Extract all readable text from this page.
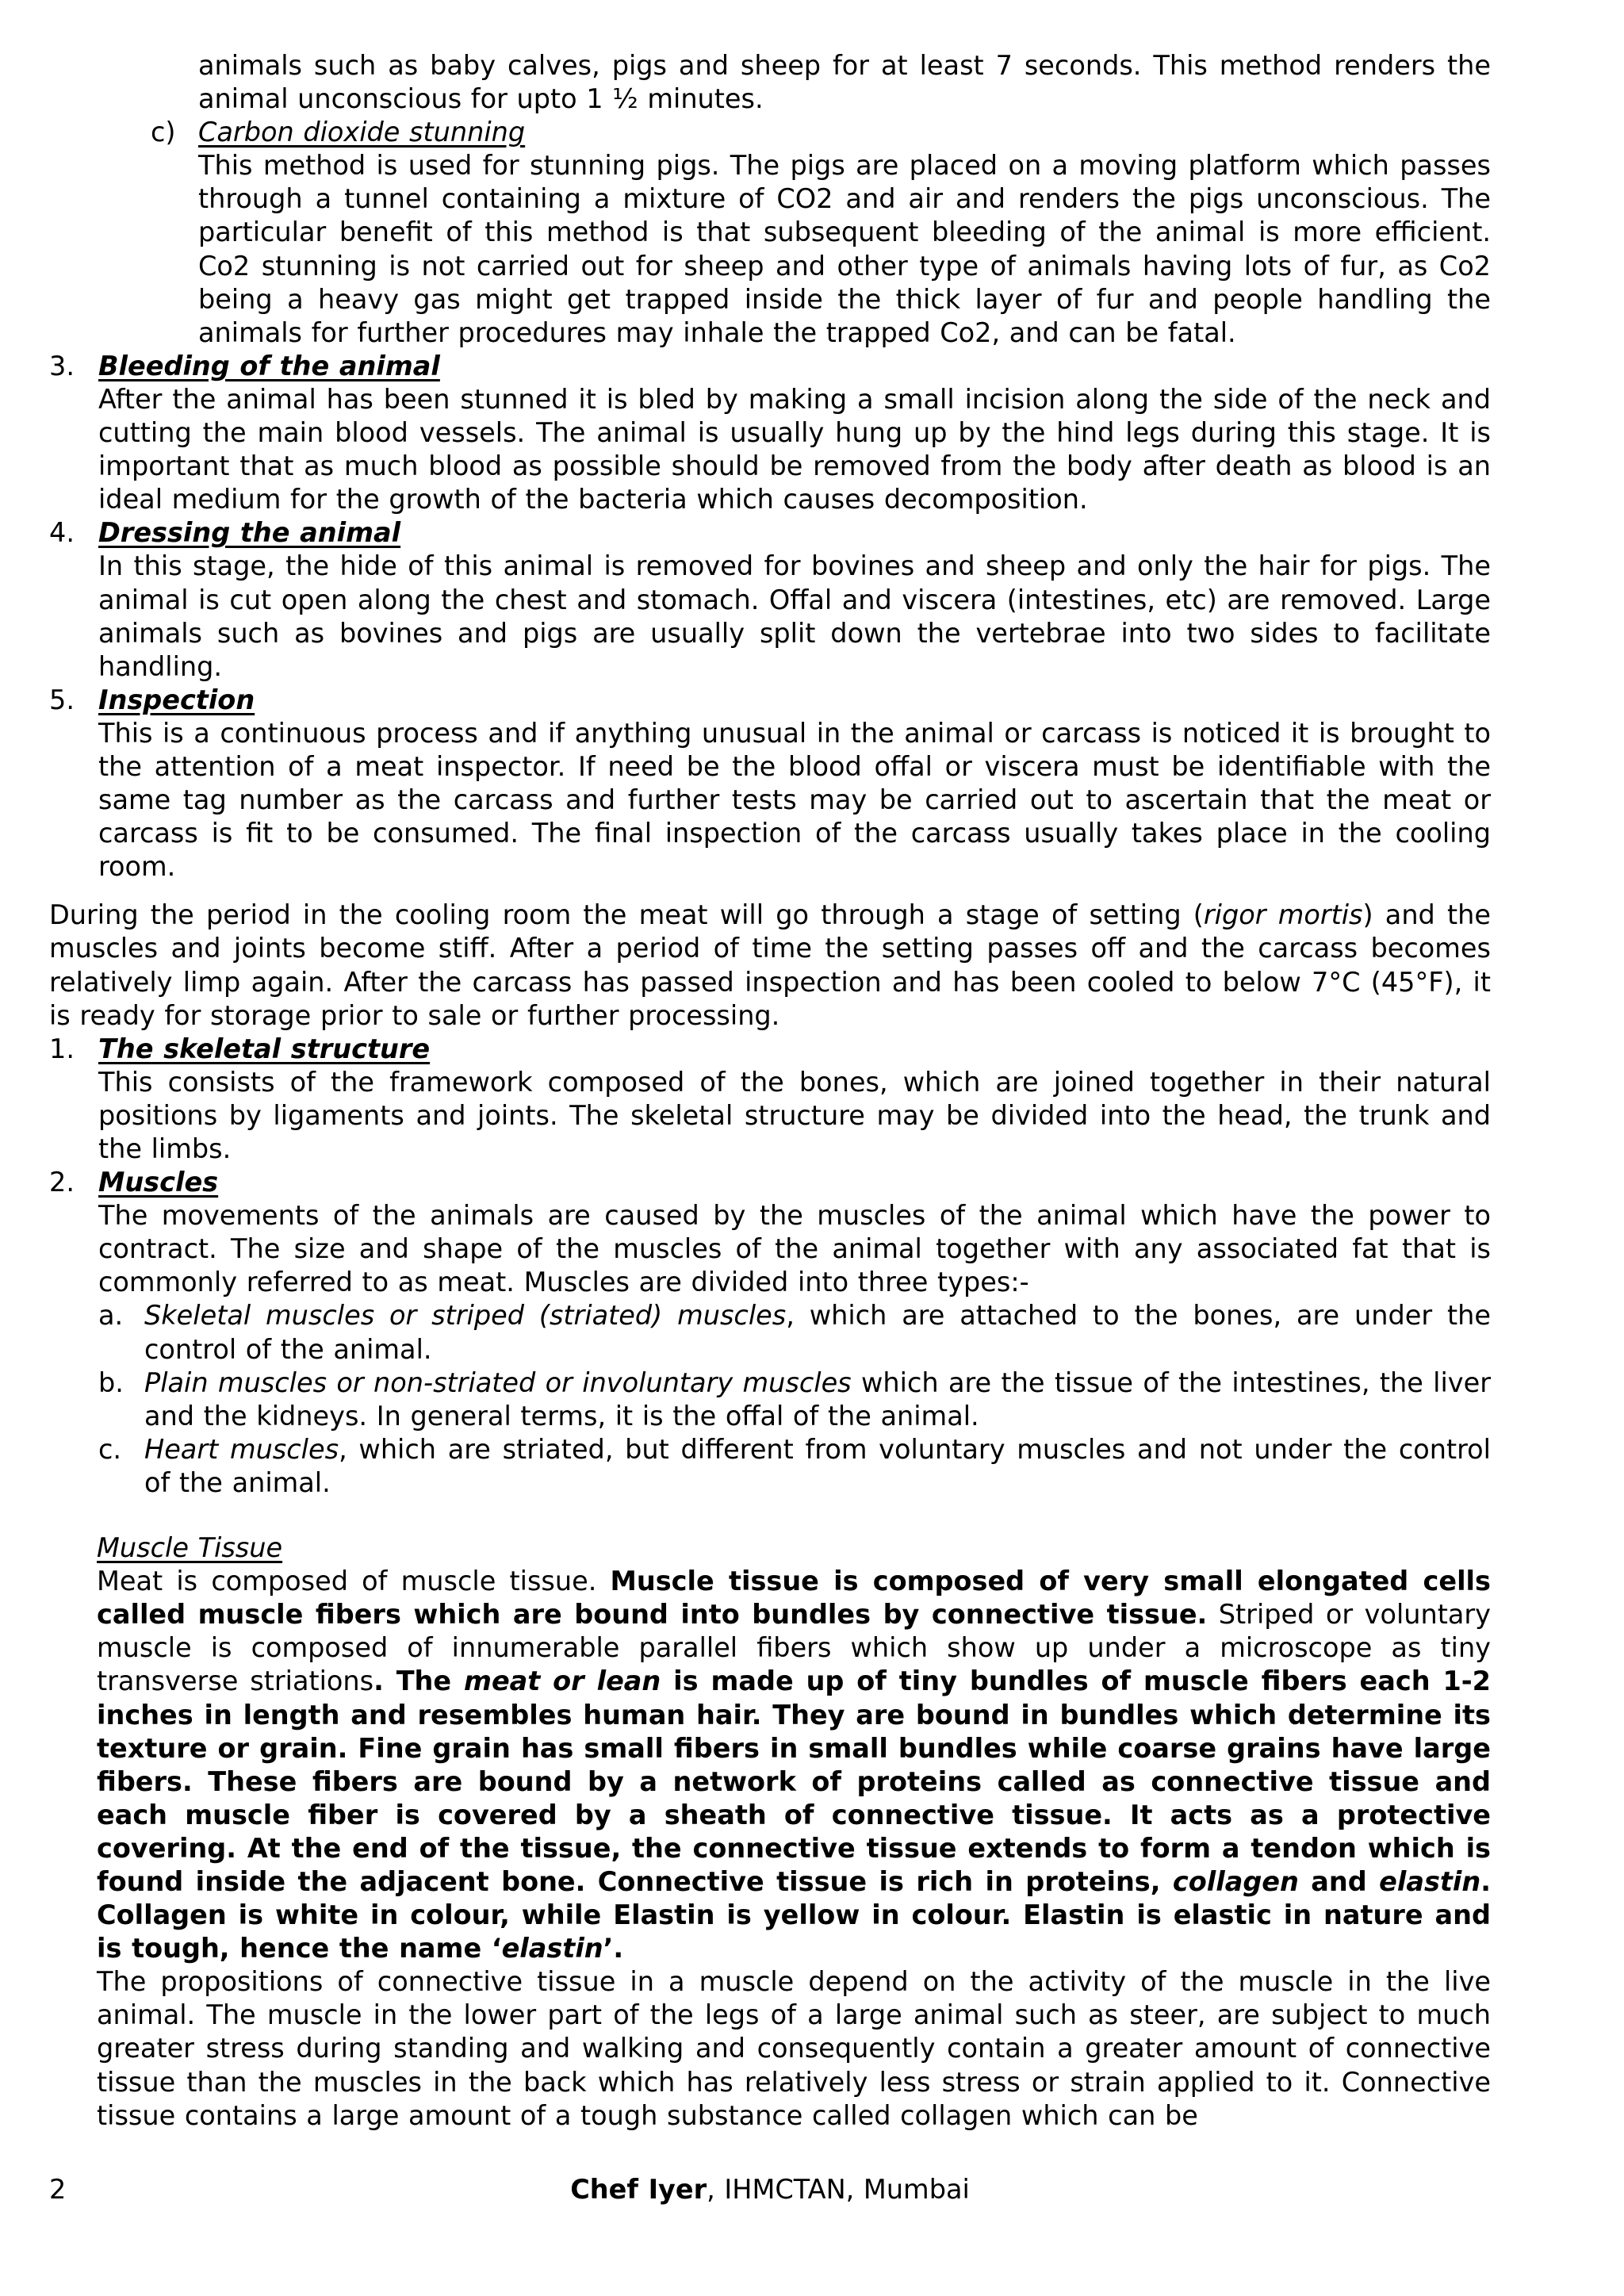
animals such as baby calves, pigs and sheep for at least 7 seconds. This method renders the animal unconscious for upto 1 ½ minutes.

c) Carbon dioxide stunning

This method is used for stunning pigs. The pigs are placed on a moving platform which passes through a tunnel containing a mixture of CO2 and air and renders the pigs unconscious. The particular benefit of this method is that subsequent bleeding of the animal is more efficient. Co2 stunning is not carried out for sheep and other type of animals having lots of fur, as Co2 being a heavy gas might get trapped inside the thick layer of fur and people handling the animals for further procedures may inhale the trapped Co2, and can be fatal.

3. Bleeding of the animal

After the animal has been stunned it is bled by making a small incision along the side of the neck and cutting the main blood vessels. The animal is usually hung up by the hind legs during this stage. It is important that as much blood as possible should be removed from the body after death as blood is an ideal medium for the growth of the bacteria which causes decomposition.

4. Dressing the animal

In this stage, the hide of this animal is removed for bovines and sheep and only the hair for pigs. The animal is cut open along the chest and stomach. Offal and viscera (intestines, etc) are removed. Large animals such as bovines and pigs are usually split down the vertebrae into two sides to facilitate handling.

5. Inspection

This is a continuous process and if anything unusual in the animal or carcass is noticed it is brought to the attention of a meat inspector. If need be the blood offal or viscera must be identifiable with the same tag number as the carcass and further tests may be carried out to ascertain that the meat or carcass is fit to be consumed. The final inspection of the carcass usually takes place in the cooling room.

During the period in the cooling room the meat will go through a stage of setting (rigor mortis) and the muscles and joints become stiff. After a period of time the setting passes off and the carcass becomes relatively limp again. After the carcass has passed inspection and has been cooled to below 7°C (45°F), it is ready for storage prior to sale or further processing.

1. The skeletal structure

This consists of the framework composed of the bones, which are joined together in their natural positions by ligaments and joints. The skeletal structure may be divided into the head, the trunk and the limbs.

2. Muscles

The movements of the animals are caused by the muscles of the animal which have the power to contract. The size and shape of the muscles of the animal together with any associated fat that is commonly referred to as meat. Muscles are divided into three types:-

a. Skeletal muscles or striped (striated) muscles, which are attached to the bones, are under the control of the animal.

b. Plain muscles or non-striated or involuntary muscles which are the tissue of the intestines, the liver and the kidneys. In general terms, it is the offal of the animal.

c. Heart muscles, which are striated, but different from voluntary muscles and not under the control of the animal.

Muscle Tissue

Meat is composed of muscle tissue. Muscle tissue is composed of very small elongated cells called muscle fibers which are bound into bundles by connective tissue. Striped or voluntary muscle is composed of innumerable parallel fibers which show up under a microscope as tiny transverse striations. The meat or lean is made up of tiny bundles of muscle fibers each 1-2 inches in length and resembles human hair. They are bound in bundles which determine its texture or grain. Fine grain has small fibers in small bundles while coarse grains have large fibers. These fibers are bound by a network of proteins called as connective tissue and each muscle fiber is covered by a sheath of connective tissue. It acts as a protective covering. At the end of the tissue, the connective tissue extends to form a tendon which is found inside the adjacent bone. Connective tissue is rich in proteins, collagen and elastin. Collagen is white in colour, while Elastin is yellow in colour. Elastin is elastic in nature and is tough, hence the name ‘elastin’.

The propositions of connective tissue in a muscle depend on the activity of the muscle in the live animal. The muscle in the lower part of the legs of a large animal such as steer, are subject to much greater stress during standing and walking and consequently contain a greater amount of connective tissue than the muscles in the back which has relatively less stress or strain applied to it. Connective tissue contains a large amount of a tough substance called collagen which can be

2	Chef Iyer, IHMCTAN, Mumbai
